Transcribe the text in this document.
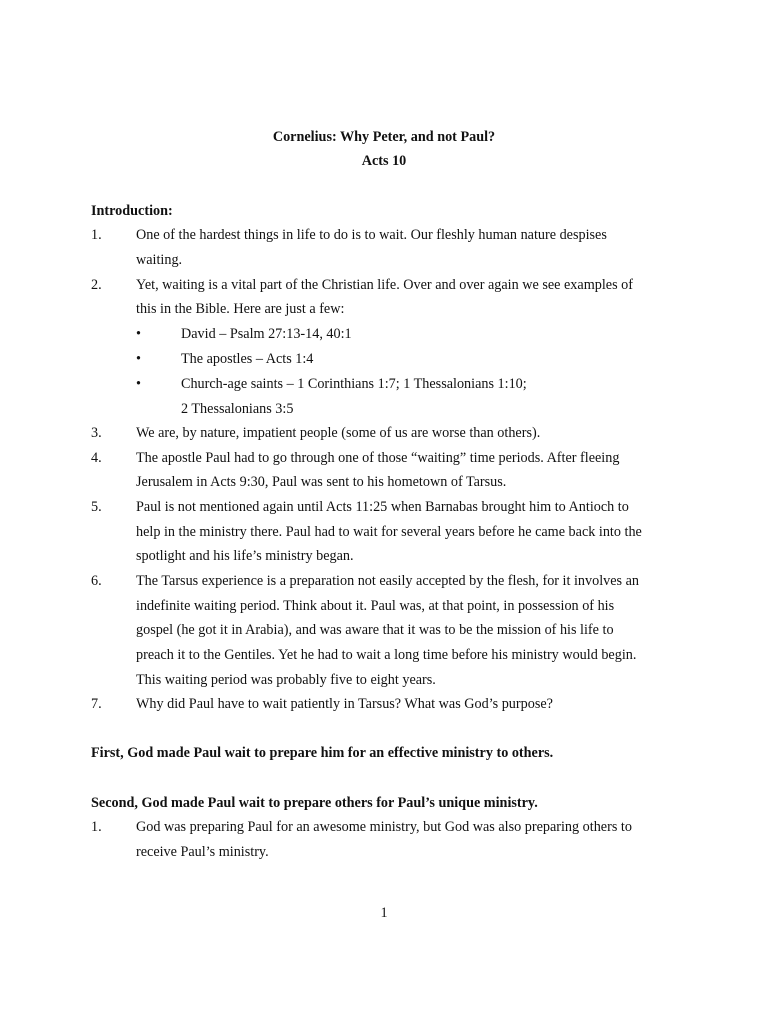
Cornelius: Why Peter, and not Paul?
Acts 10
Introduction:
1. One of the hardest things in life to do is to wait. Our fleshly human nature despises
waiting.
2. Yet, waiting is a vital part of the Christian life. Over and over again we see examples of
this in the Bible. Here are just a few:
•	David – Psalm 27:13-14, 40:1
•	The apostles – Acts 1:4
•	Church-age saints – 1 Corinthians 1:7; 1 Thessalonians 1:10;
2 Thessalonians 3:5
3. We are, by nature, impatient people (some of us are worse than others).
4. The apostle Paul had to go through one of those “waiting” time periods. After fleeing
Jerusalem in Acts 9:30, Paul was sent to his hometown of Tarsus.
5. Paul is not mentioned again until Acts 11:25 when Barnabas brought him to Antioch to
help in the ministry there. Paul had to wait for several years before he came back into the
spotlight and his life’s ministry began.
6. The Tarsus experience is a preparation not easily accepted by the flesh, for it involves an
indefinite waiting period. Think about it. Paul was, at that point, in possession of his
gospel (he got it in Arabia), and was aware that it was to be the mission of his life to
preach it to the Gentiles. Yet he had to wait a long time before his ministry would begin.
This waiting period was probably five to eight years.
7. Why did Paul have to wait patiently in Tarsus? What was God’s purpose?
First, God made Paul wait to prepare him for an effective ministry to others.
Second, God made Paul wait to prepare others for Paul’s unique ministry.
1. God was preparing Paul for an awesome ministry, but God was also preparing others to
receive Paul’s ministry.
1
